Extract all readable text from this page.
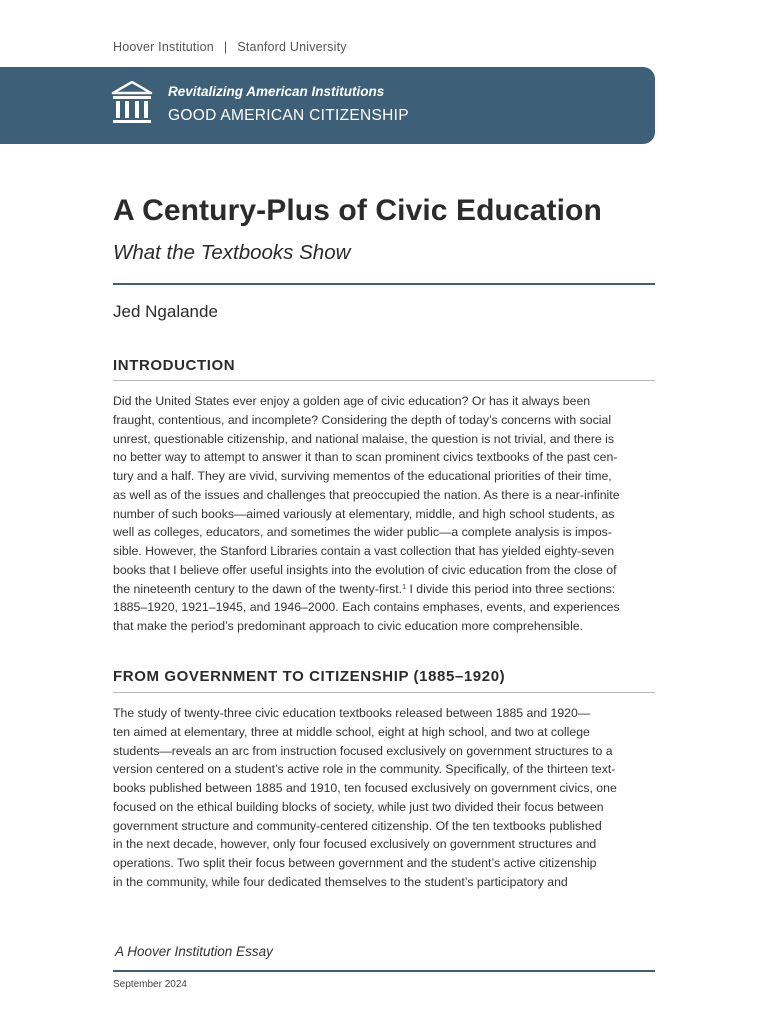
Hoover Institution | Stanford University
Revitalizing American Institutions
GOOD AMERICAN CITIZENSHIP
A Century-Plus of Civic Education
What the Textbooks Show
Jed Ngalande
INTRODUCTION
Did the United States ever enjoy a golden age of civic education? Or has it always been
fraught, contentious, and incomplete? Considering the depth of today’s concerns with social
unrest, questionable citizenship, and national malaise, the question is not trivial, and there is
no better way to attempt to answer it than to scan prominent civics textbooks of the past cen-
tury and a half. They are vivid, surviving mementos of the educational priorities of their time,
as well as of the issues and challenges that preoccupied the nation. As there is a near-infinite
number of such books—aimed variously at elementary, middle, and high school students, as
well as colleges, educators, and sometimes the wider public—a complete analysis is impos-
sible. However, the Stanford Libraries contain a vast collection that has yielded eighty-seven
books that I believe offer useful insights into the evolution of civic education from the close of
the nineteenth century to the dawn of the twenty-first.$^1$ I divide this period into three sections:
1885–1920, 1921–1945, and 1946–2000. Each contains emphases, events, and experiences
that make the period’s predominant approach to civic education more comprehensible.
FROM GOVERNMENT TO CITIZENSHIP (1885–1920)
The study of twenty-three civic education textbooks released between 1885 and 1920—
ten aimed at elementary, three at middle school, eight at high school, and two at college
students—reveals an arc from instruction focused exclusively on government structures to a
version centered on a student’s active role in the community. Specifically, of the thirteen text-
books published between 1885 and 1910, ten focused exclusively on government civics, one
focused on the ethical building blocks of society, while just two divided their focus between
government structure and community-centered citizenship. Of the ten textbooks published
in the next decade, however, only four focused exclusively on government structures and
operations. Two split their focus between government and the student’s active citizenship
in the community, while four dedicated themselves to the student’s participatory and
A Hoover Institution Essay
September 2024
